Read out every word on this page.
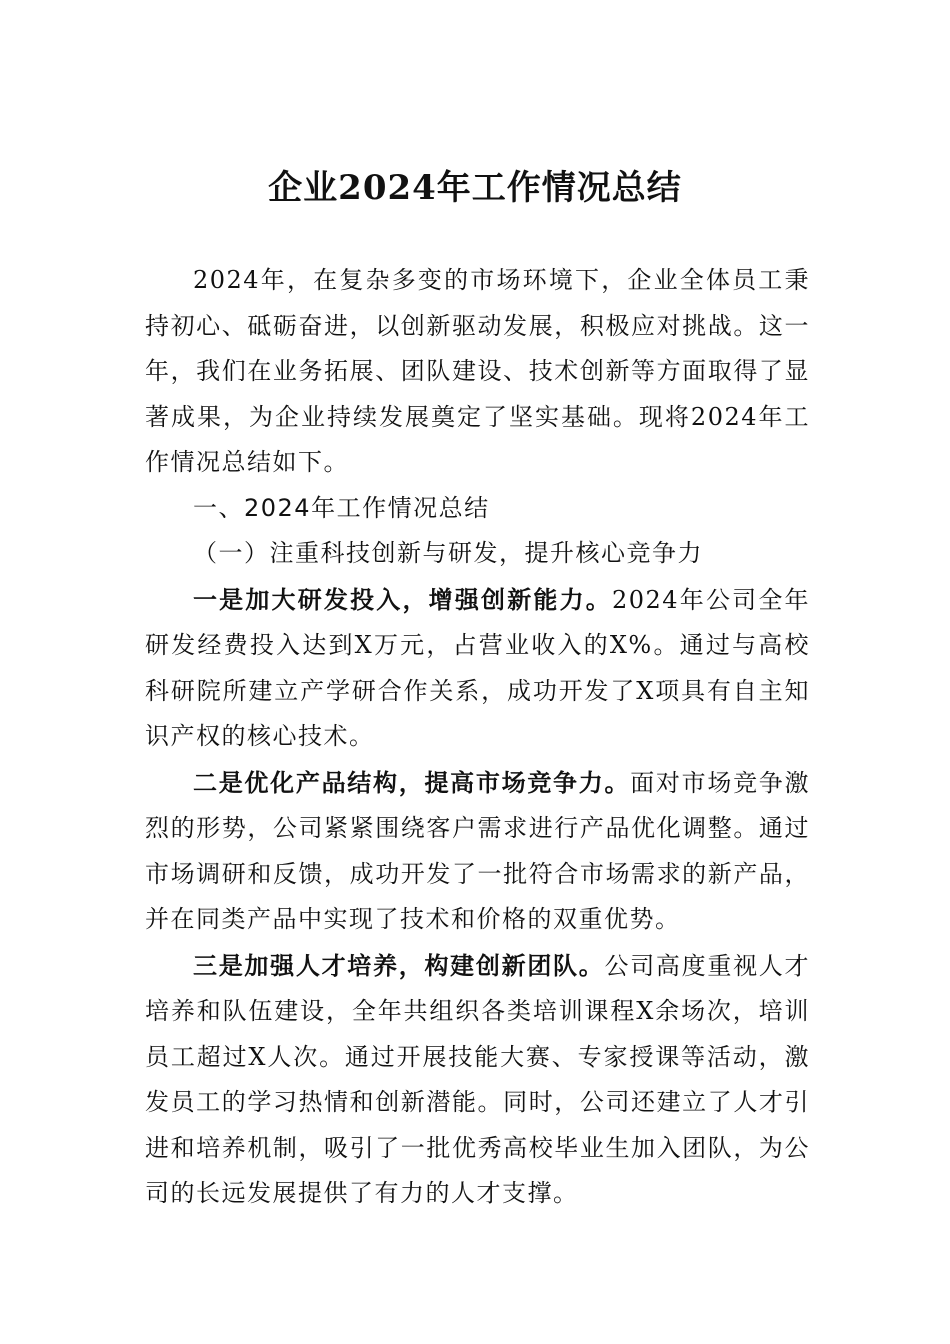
企业2024年工作情况总结

2024年，在复杂多变的市场环境下，企业全体员工秉持初心、砥砺奋进，以创新驱动发展，积极应对挑战。这一年，我们在业务拓展、团队建设、技术创新等方面取得了显著成果，为企业持续发展奠定了坚实基础。现将2024年工作情况总结如下。

一、2024年工作情况总结

（一）注重科技创新与研发，提升核心竞争力

一是加大研发投入，增强创新能力。2024年公司全年研发经费投入达到X万元，占营业收入的X%。通过与高校科研院所建立产学研合作关系，成功开发了X项具有自主知识产权的核心技术。

二是优化产品结构，提高市场竞争力。面对市场竞争激烈的形势，公司紧紧围绕客户需求进行产品优化调整。通过市场调研和反馈，成功开发了一批符合市场需求的新产品，并在同类产品中实现了技术和价格的双重优势。

三是加强人才培养，构建创新团队。公司高度重视人才培养和队伍建设，全年共组织各类培训课程X余场次，培训员工超过X人次。通过开展技能大赛、专家授课等活动，激发员工的学习热情和创新潜能。同时，公司还建立了人才引进和培养机制，吸引了一批优秀高校毕业生加入团队，为公司的长远发展提供了有力的人才支撑。
